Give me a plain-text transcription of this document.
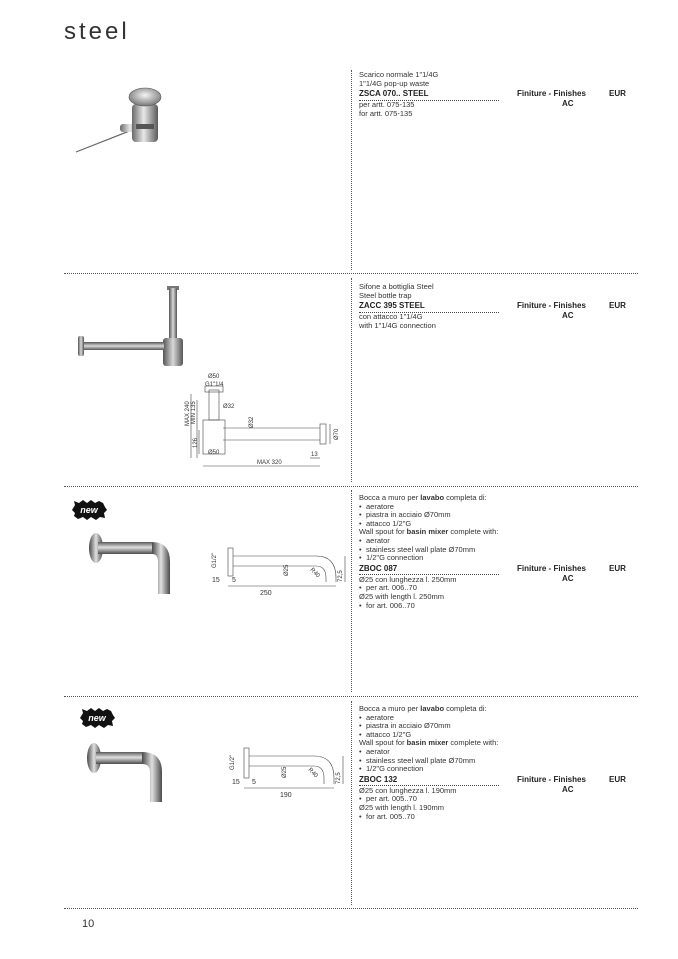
steel
Scarico normale 1"1/4G
1"1/4G pop-up waste
ZSCA 070.. STEEL	Finiture - Finishes	EUR
per artt. 075-135
for artt. 075-135
AC
Ø50
G1"1/4
Ø32
MAX 240 MIN 135
126
Ø32
Ø70
Ø50	13
MAX 320
Sifone a bottiglia Steel
Steel bottle trap
ZACC 395 STEEL	Finiture - Finishes	EUR
con attacco 1"1/4G
with 1"1/4G connection
AC
new
G1/2"
Ø25	R40	72,5
15 5
250
Bocca a muro per lavabo completa di:
• aeratore
• piastra in acciaio Ø70mm
• attacco 1/2"G
Wall spout for basin mixer complete with:
• aerator
• stainless steel wall plate Ø70mm
• 1/2"G connection
ZBOC 087	Finiture - Finishes	EUR
Ø25 con lunghezza l. 250mm
• per art. 006..70
Ø25 with length l. 250mm
• for art. 006..70
AC
new
G1/2"
Ø25	R40	72,5
15 5
190
Bocca a muro per lavabo completa di:
• aeratore
• piastra in acciaio Ø70mm
• attacco 1/2"G
Wall spout for basin mixer complete with:
• aerator
• stainless steel wall plate Ø70mm
• 1/2"G connection
ZBOC 132	Finiture - Finishes	EUR
Ø25 con lunghezza l. 190mm
• per art. 005..70
Ø25 with length l. 190mm
• for art. 005..70
AC
10
